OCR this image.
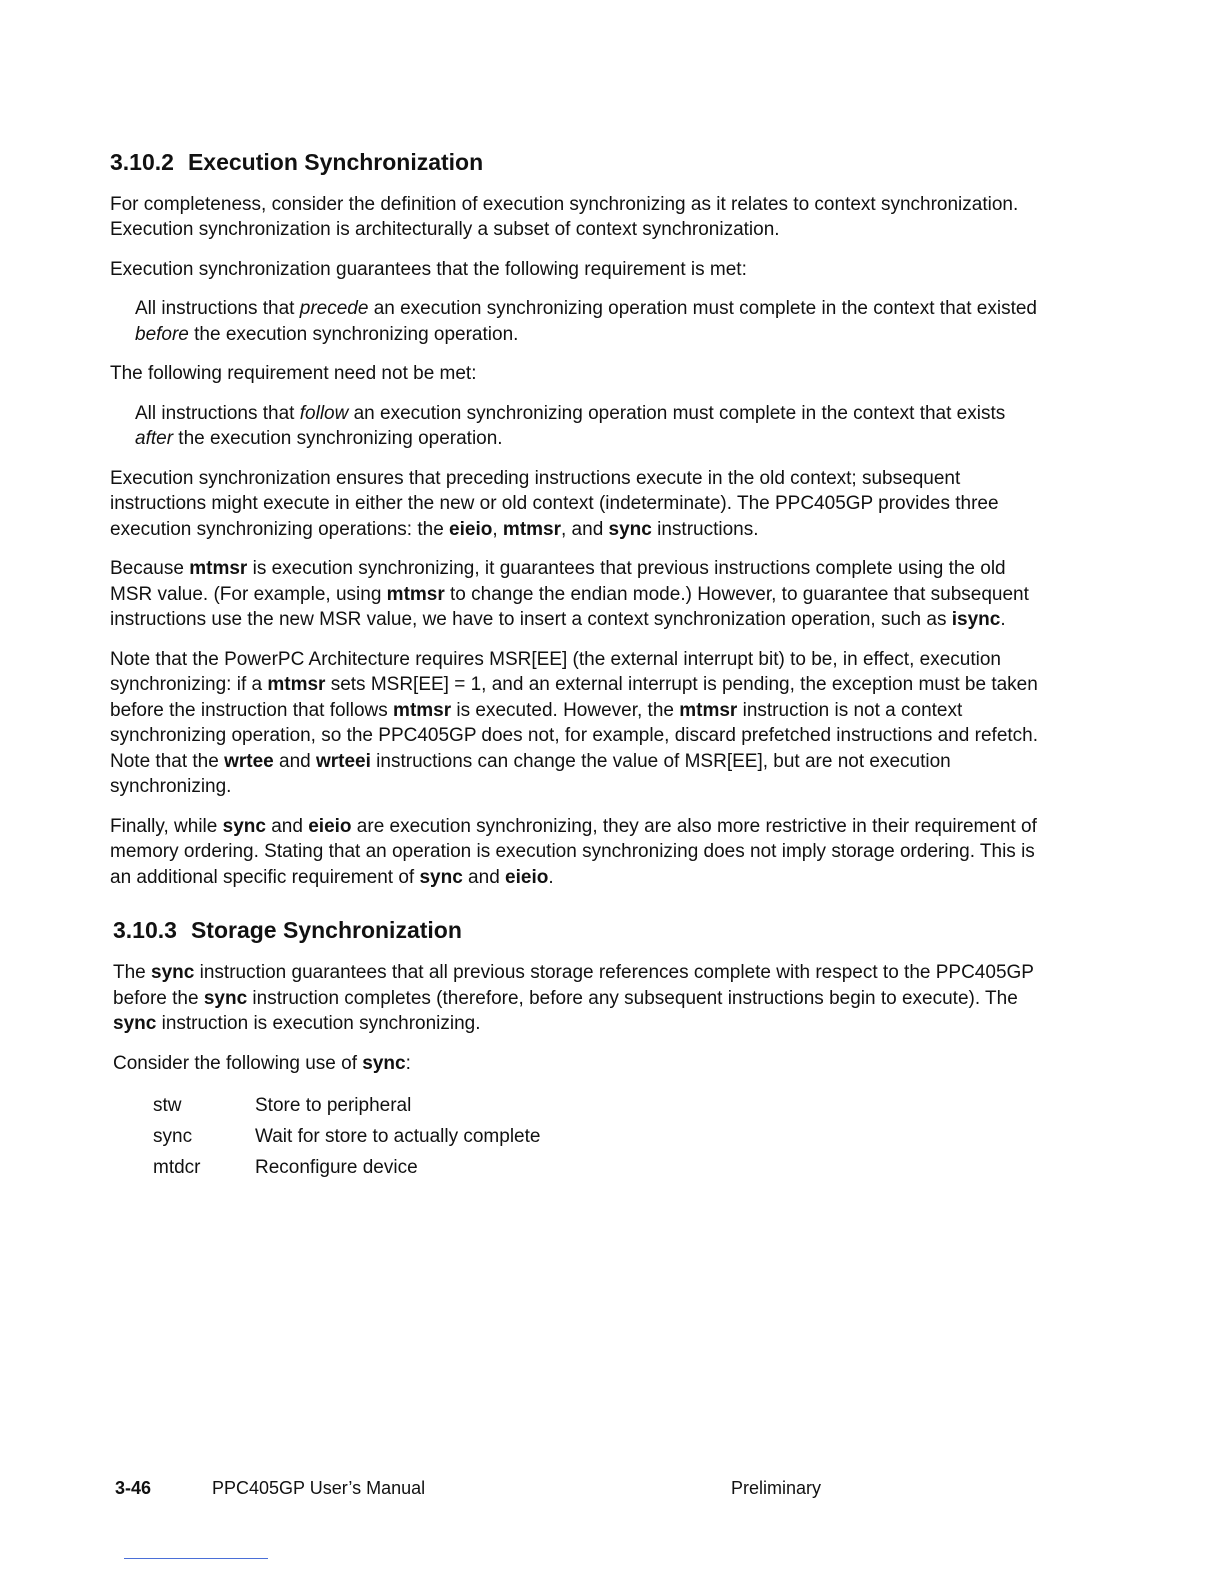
3.10.2 Execution Synchronization

For completeness, consider the definition of execution synchronizing as it relates to context synchronization. Execution synchronization is architecturally a subset of context synchronization.

Execution synchronization guarantees that the following requirement is met:

All instructions that precede an execution synchronizing operation must complete in the context that existed before the execution synchronizing operation.

The following requirement need not be met:

All instructions that follow an execution synchronizing operation must complete in the context that exists after the execution synchronizing operation.

Execution synchronization ensures that preceding instructions execute in the old context; subsequent instructions might execute in either the new or old context (indeterminate). The PPC405GP provides three execution synchronizing operations: the eieio, mtmsr, and sync instructions.

Because mtmsr is execution synchronizing, it guarantees that previous instructions complete using the old MSR value. (For example, using mtmsr to change the endian mode.) However, to guarantee that subsequent instructions use the new MSR value, we have to insert a context synchronization operation, such as isync.

Note that the PowerPC Architecture requires MSR[EE] (the external interrupt bit) to be, in effect, execution synchronizing: if a mtmsr sets MSR[EE] = 1, and an external interrupt is pending, the exception must be taken before the instruction that follows mtmsr is executed. However, the mtmsr instruction is not a context synchronizing operation, so the PPC405GP does not, for example, discard prefetched instructions and refetch. Note that the wrtee and wrteei instructions can change the value of MSR[EE], but are not execution synchronizing.

Finally, while sync and eieio are execution synchronizing, they are also more restrictive in their requirement of memory ordering. Stating that an operation is execution synchronizing does not imply storage ordering. This is an additional specific requirement of sync and eieio.

3.10.3 Storage Synchronization

The sync instruction guarantees that all previous storage references complete with respect to the PPC405GP before the sync instruction completes (therefore, before any subsequent instructions begin to execute). The sync instruction is execution synchronizing.

Consider the following use of sync:

stw	Store to peripheral
sync	Wait for store to actually complete
mtdcr	Reconfigure device
3-46	PPC405GP User’s Manual	Preliminary
